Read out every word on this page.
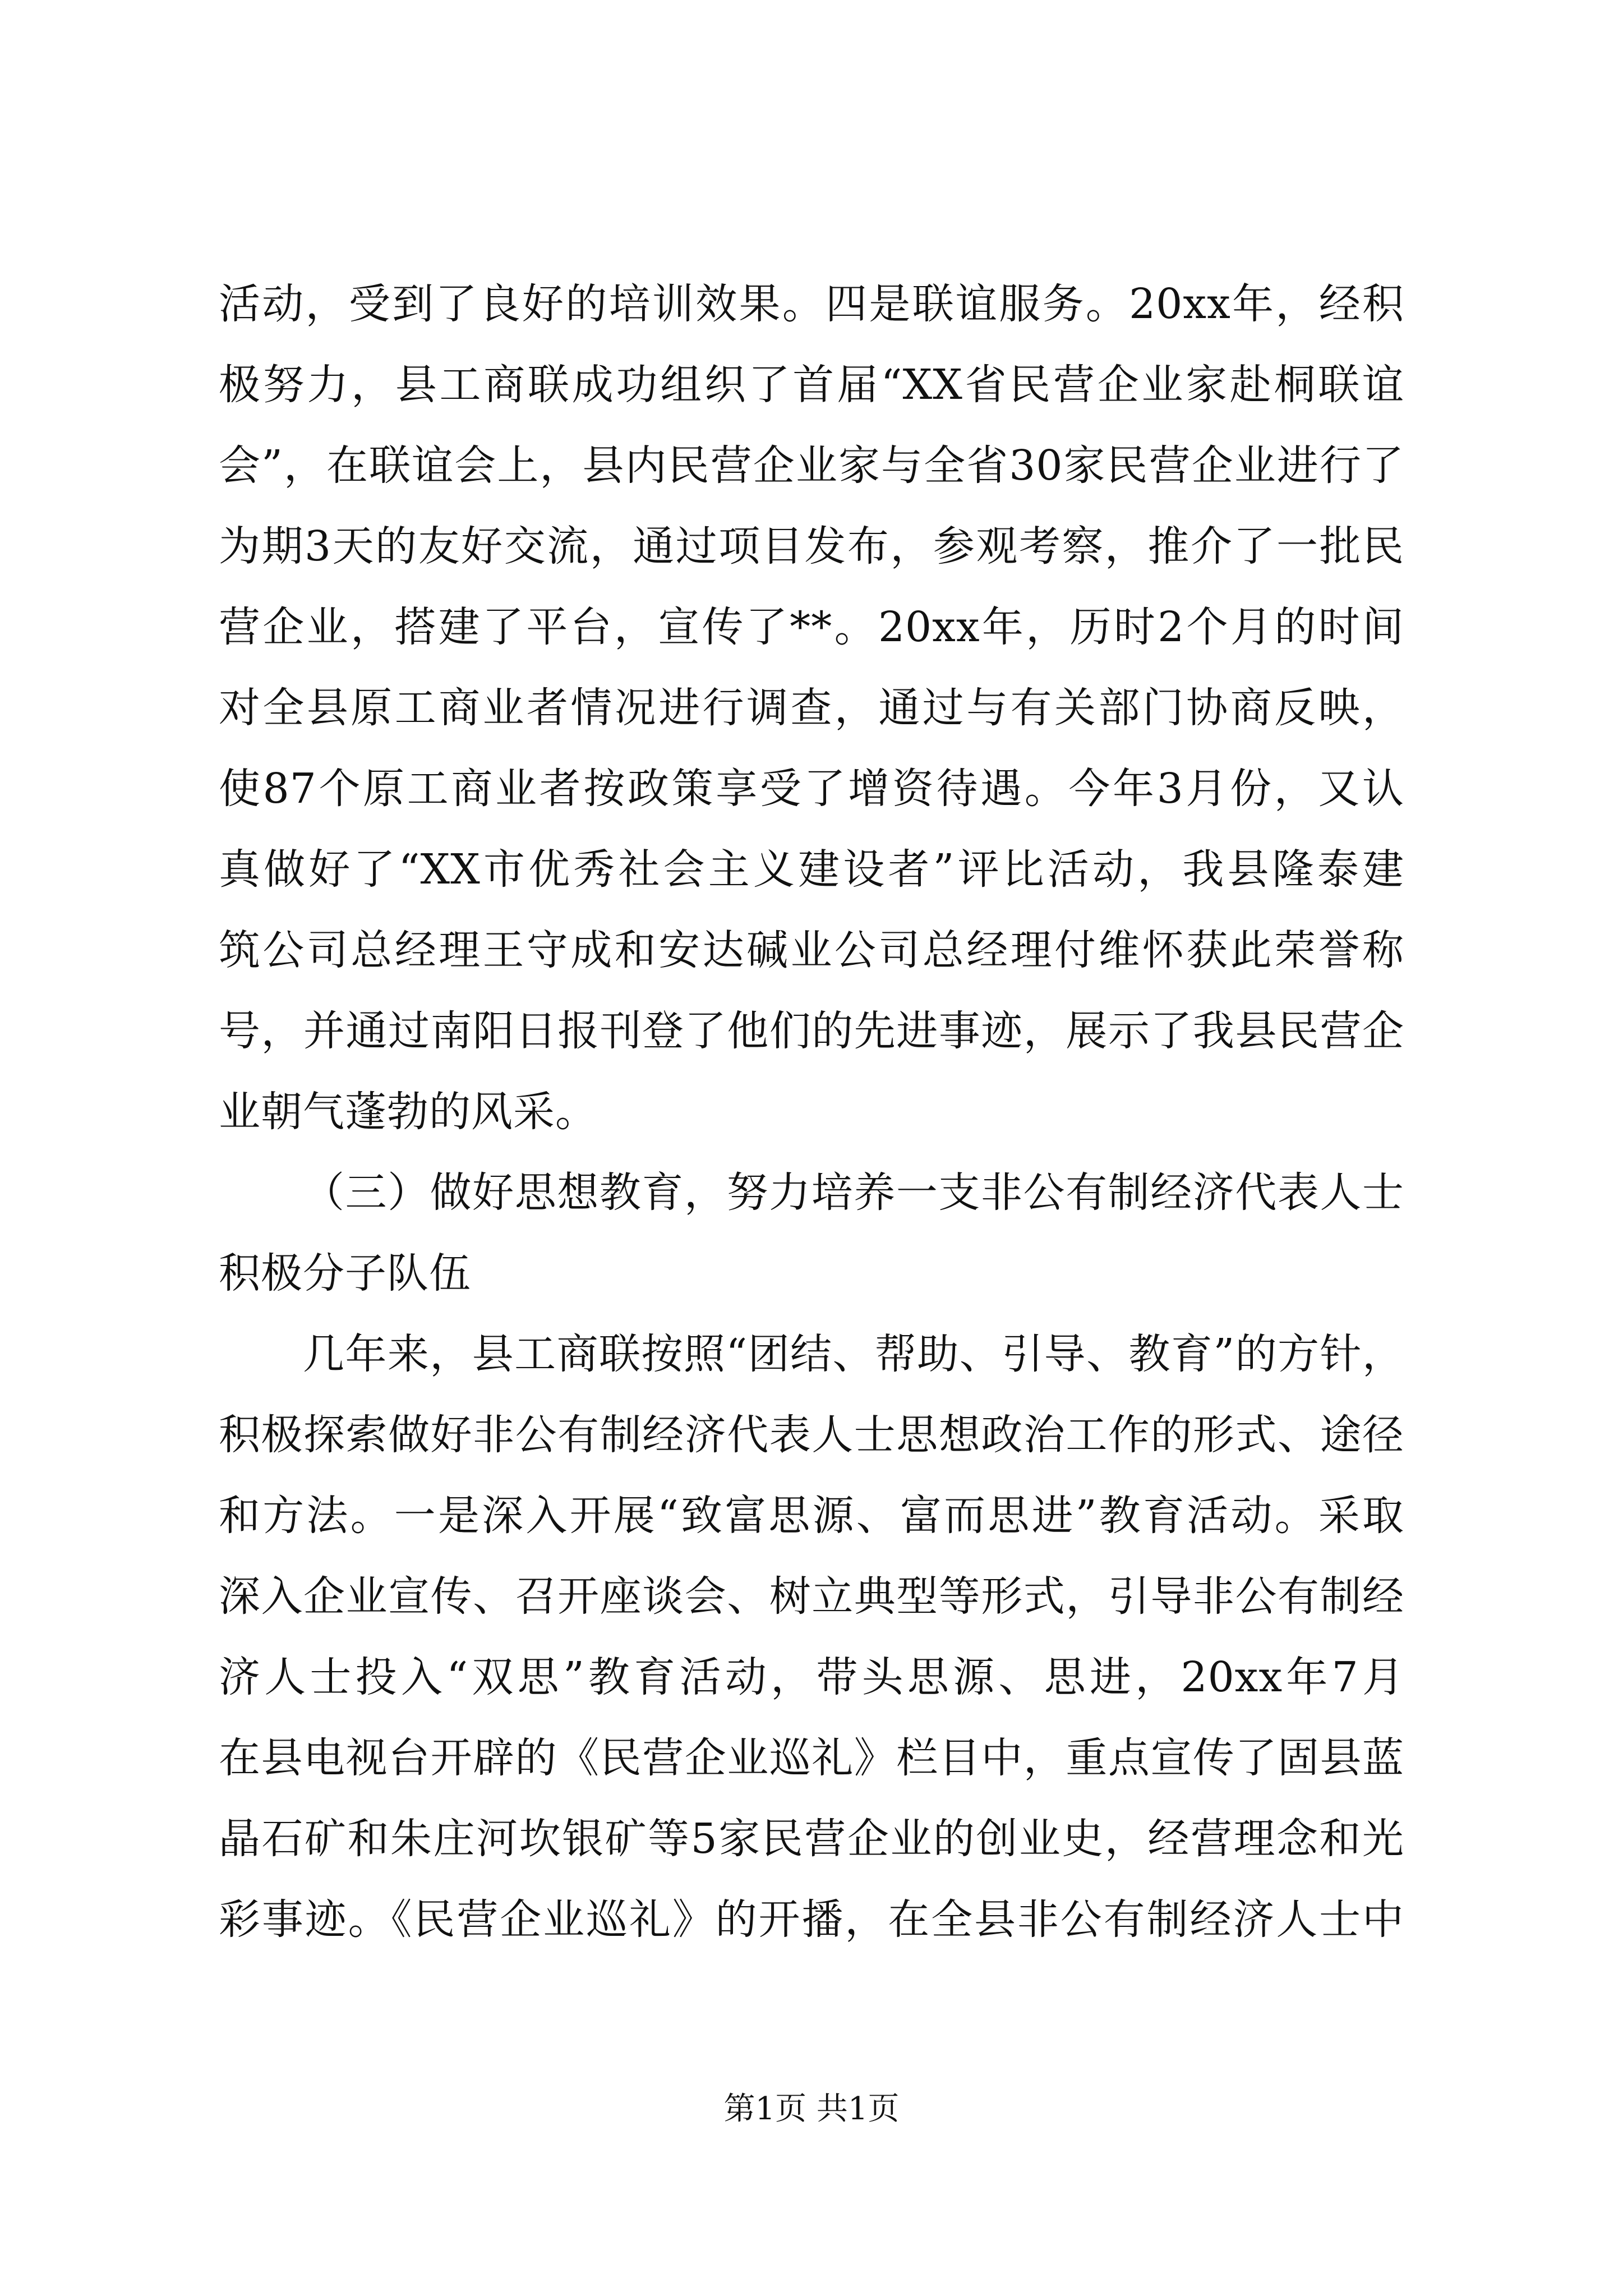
活动，受到了良好的培训效果。四是联谊服务。20xx年，经积
极努力，县工商联成功组织了首届“XX省民营企业家赴桐联谊
会”，在联谊会上，县内民营企业家与全省30家民营企业进行了
为期3天的友好交流，通过项目发布，参观考察，推介了一批民
营企业，搭建了平台，宣传了**。20xx年，历时2个月的时间
对全县原工商业者情况进行调查，通过与有关部门协商反映，
使87个原工商业者按政策享受了增资待遇。今年3月份，又认
真做好了“XX市优秀社会主义建设者”评比活动，我县隆泰建
筑公司总经理王守成和安达碱业公司总经理付维怀获此荣誉称
号，并通过南阳日报刊登了他们的先进事迹，展示了我县民营企
业朝气蓬勃的风采。
（三）做好思想教育，努力培养一支非公有制经济代表人士
积极分子队伍
几年来，县工商联按照“团结、帮助、引导、教育”的方针，
积极探索做好非公有制经济代表人士思想政治工作的形式、途径
和方法。一是深入开展“致富思源、富而思进”教育活动。采取
深入企业宣传、召开座谈会、树立典型等形式，引导非公有制经
济人士投入“双思”教育活动，带头思源、思进，20xx年7月
在县电视台开辟的《民营企业巡礼》栏目中，重点宣传了固县蓝
晶石矿和朱庄河坎银矿等5家民营企业的创业史，经营理念和光
彩事迹。《民营企业巡礼》的开播，在全县非公有制经济人士中
第1页 共1页
